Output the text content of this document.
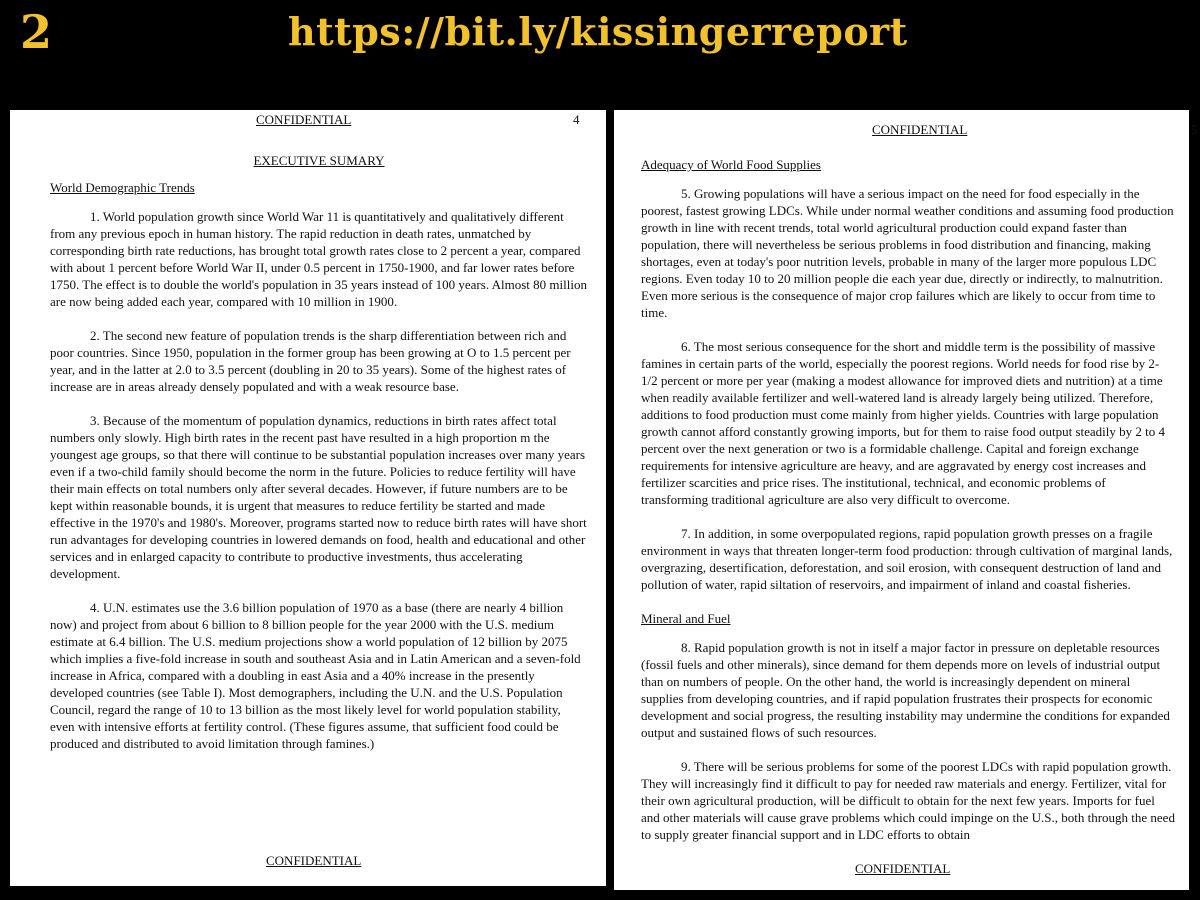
2	https://bit.ly/kissingerreport
CONFIDENTIAL	4
EXECUTIVE SUMARY
World Demographic Trends

1. World population growth since World War 11 is quantitatively and qualitatively different from any previous epoch in human history. The rapid reduction in death rates, unmatched by corresponding birth rate reductions, has brought total growth rates close to 2 percent a year, compared with about 1 percent before World War II, under 0.5 percent in 1750-1900, and far lower rates before 1750. The effect is to double the world's population in 35 years instead of 100 years. Almost 80 million are now being added each year, compared with 10 million in 1900.

2. The second new feature of population trends is the sharp differentiation between rich and poor countries. Since 1950, population in the former group has been growing at O to 1.5 percent per year, and in the latter at 2.0 to 3.5 percent (doubling in 20 to 35 years). Some of the highest rates of increase are in areas already densely populated and with a weak resource base.

3. Because of the momentum of population dynamics, reductions in birth rates affect total numbers only slowly. High birth rates in the recent past have resulted in a high proportion m the youngest age groups, so that there will continue to be substantial population increases over many years even if a two-child family should become the norm in the future. Policies to reduce fertility will have their main effects on total numbers only after several decades. However, if future numbers are to be kept within reasonable bounds, it is urgent that measures to reduce fertility be started and made effective in the 1970's and 1980's. Moreover, programs started now to reduce birth rates will have short run advantages for developing countries in lowered demands on food, health and educational and other services and in enlarged capacity to contribute to productive investments, thus accelerating development.

4. U.N. estimates use the 3.6 billion population of 1970 as a base (there are nearly 4 billion now) and project from about 6 billion to 8 billion people for the year 2000 with the U.S. medium estimate at 6.4 billion. The U.S. medium projections show a world population of 12 billion by 2075 which implies a five-fold increase in south and southeast Asia and in Latin American and a seven-fold increase in Africa, compared with a doubling in east Asia and a 40% increase in the presently developed countries (see Table I). Most demographers, including the U.N. and the U.S. Population Council, regard the range of 10 to 13 billion as the most likely level for world population stability, even with intensive efforts at fertility control. (These figures assume, that sufficient food could be produced and distributed to avoid limitation through famines.)

CONFIDENTIAL
CONFIDENTIAL	5
Adequacy of World Food Supplies

5. Growing populations will have a serious impact on the need for food especially in the poorest, fastest growing LDCs. While under normal weather conditions and assuming food production growth in line with recent trends, total world agricultural production could expand faster than population, there will nevertheless be serious problems in food distribution and financing, making shortages, even at today's poor nutrition levels, probable in many of the larger more populous LDC regions. Even today 10 to 20 million people die each year due, directly or indirectly, to malnutrition. Even more serious is the consequence of major crop failures which are likely to occur from time to time.

6. The most serious consequence for the short and middle term is the possibility of massive famines in certain parts of the world, especially the poorest regions. World needs for food rise by 2-1/2 percent or more per year (making a modest allowance for improved diets and nutrition) at a time when readily available fertilizer and well-watered land is already largely being utilized. Therefore, additions to food production must come mainly from higher yields. Countries with large population growth cannot afford constantly growing imports, but for them to raise food output steadily by 2 to 4 percent over the next generation or two is a formidable challenge. Capital and foreign exchange requirements for intensive agriculture are heavy, and are aggravated by energy cost increases and fertilizer scarcities and price rises. The institutional, technical, and economic problems of transforming traditional agriculture are also very difficult to overcome.

7. In addition, in some overpopulated regions, rapid population growth presses on a fragile environment in ways that threaten longer-term food production: through cultivation of marginal lands, overgrazing, desertification, deforestation, and soil erosion, with consequent destruction of land and pollution of water, rapid siltation of reservoirs, and impairment of inland and coastal fisheries.

Mineral and Fuel

8. Rapid population growth is not in itself a major factor in pressure on depletable resources (fossil fuels and other minerals), since demand for them depends more on levels of industrial output than on numbers of people. On the other hand, the world is increasingly dependent on mineral supplies from developing countries, and if rapid population frustrates their prospects for economic development and social progress, the resulting instability may undermine the conditions for expanded output and sustained flows of such resources.

9. There will be serious problems for some of the poorest LDCs with rapid population growth. They will increasingly find it difficult to pay for needed raw materials and energy. Fertilizer, vital for their own agricultural production, will be difficult to obtain for the next few years. Imports for fuel and other materials will cause grave problems which could impinge on the U.S., both through the need to supply greater financial support and in LDC efforts to obtain

CONFIDENTIAL
